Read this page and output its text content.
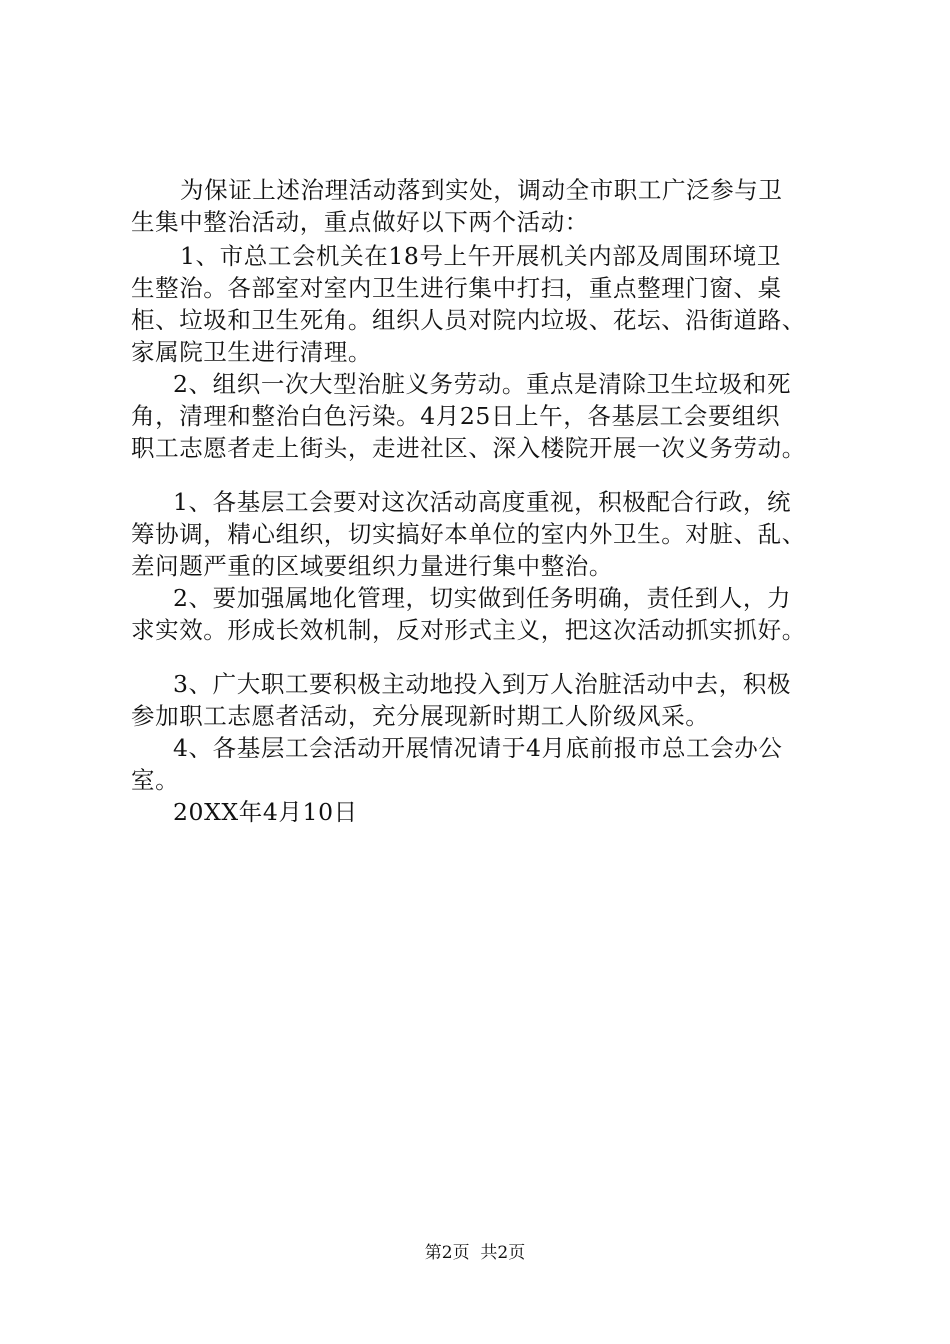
为保证上述治理活动落到实处，调动全市职工广泛参与卫
生集中整治活动，重点做好以下两个活动：
1、市总工会机关在18号上午开展机关内部及周围环境卫
生整治。各部室对室内卫生进行集中打扫，重点整理门窗、桌
柜、垃圾和卫生死角。组织人员对院内垃圾、花坛、沿街道路、
家属院卫生进行清理。
2、组织一次大型治脏义务劳动。重点是清除卫生垃圾和死
角，清理和整治白色污染。4月25日上午，各基层工会要组织
职工志愿者走上街头，走进社区、深入楼院开展一次义务劳动。
1、各基层工会要对这次活动高度重视，积极配合行政，统
筹协调，精心组织，切实搞好本单位的室内外卫生。对脏、乱、
差问题严重的区域要组织力量进行集中整治。
2、要加强属地化管理，切实做到任务明确，责任到人，力
求实效。形成长效机制，反对形式主义，把这次活动抓实抓好。
3、广大职工要积极主动地投入到万人治脏活动中去，积极
参加职工志愿者活动，充分展现新时期工人阶级风采。
4、各基层工会活动开展情况请于4月底前报市总工会办公
室。
20XX年4月10日
第2页  共2页
